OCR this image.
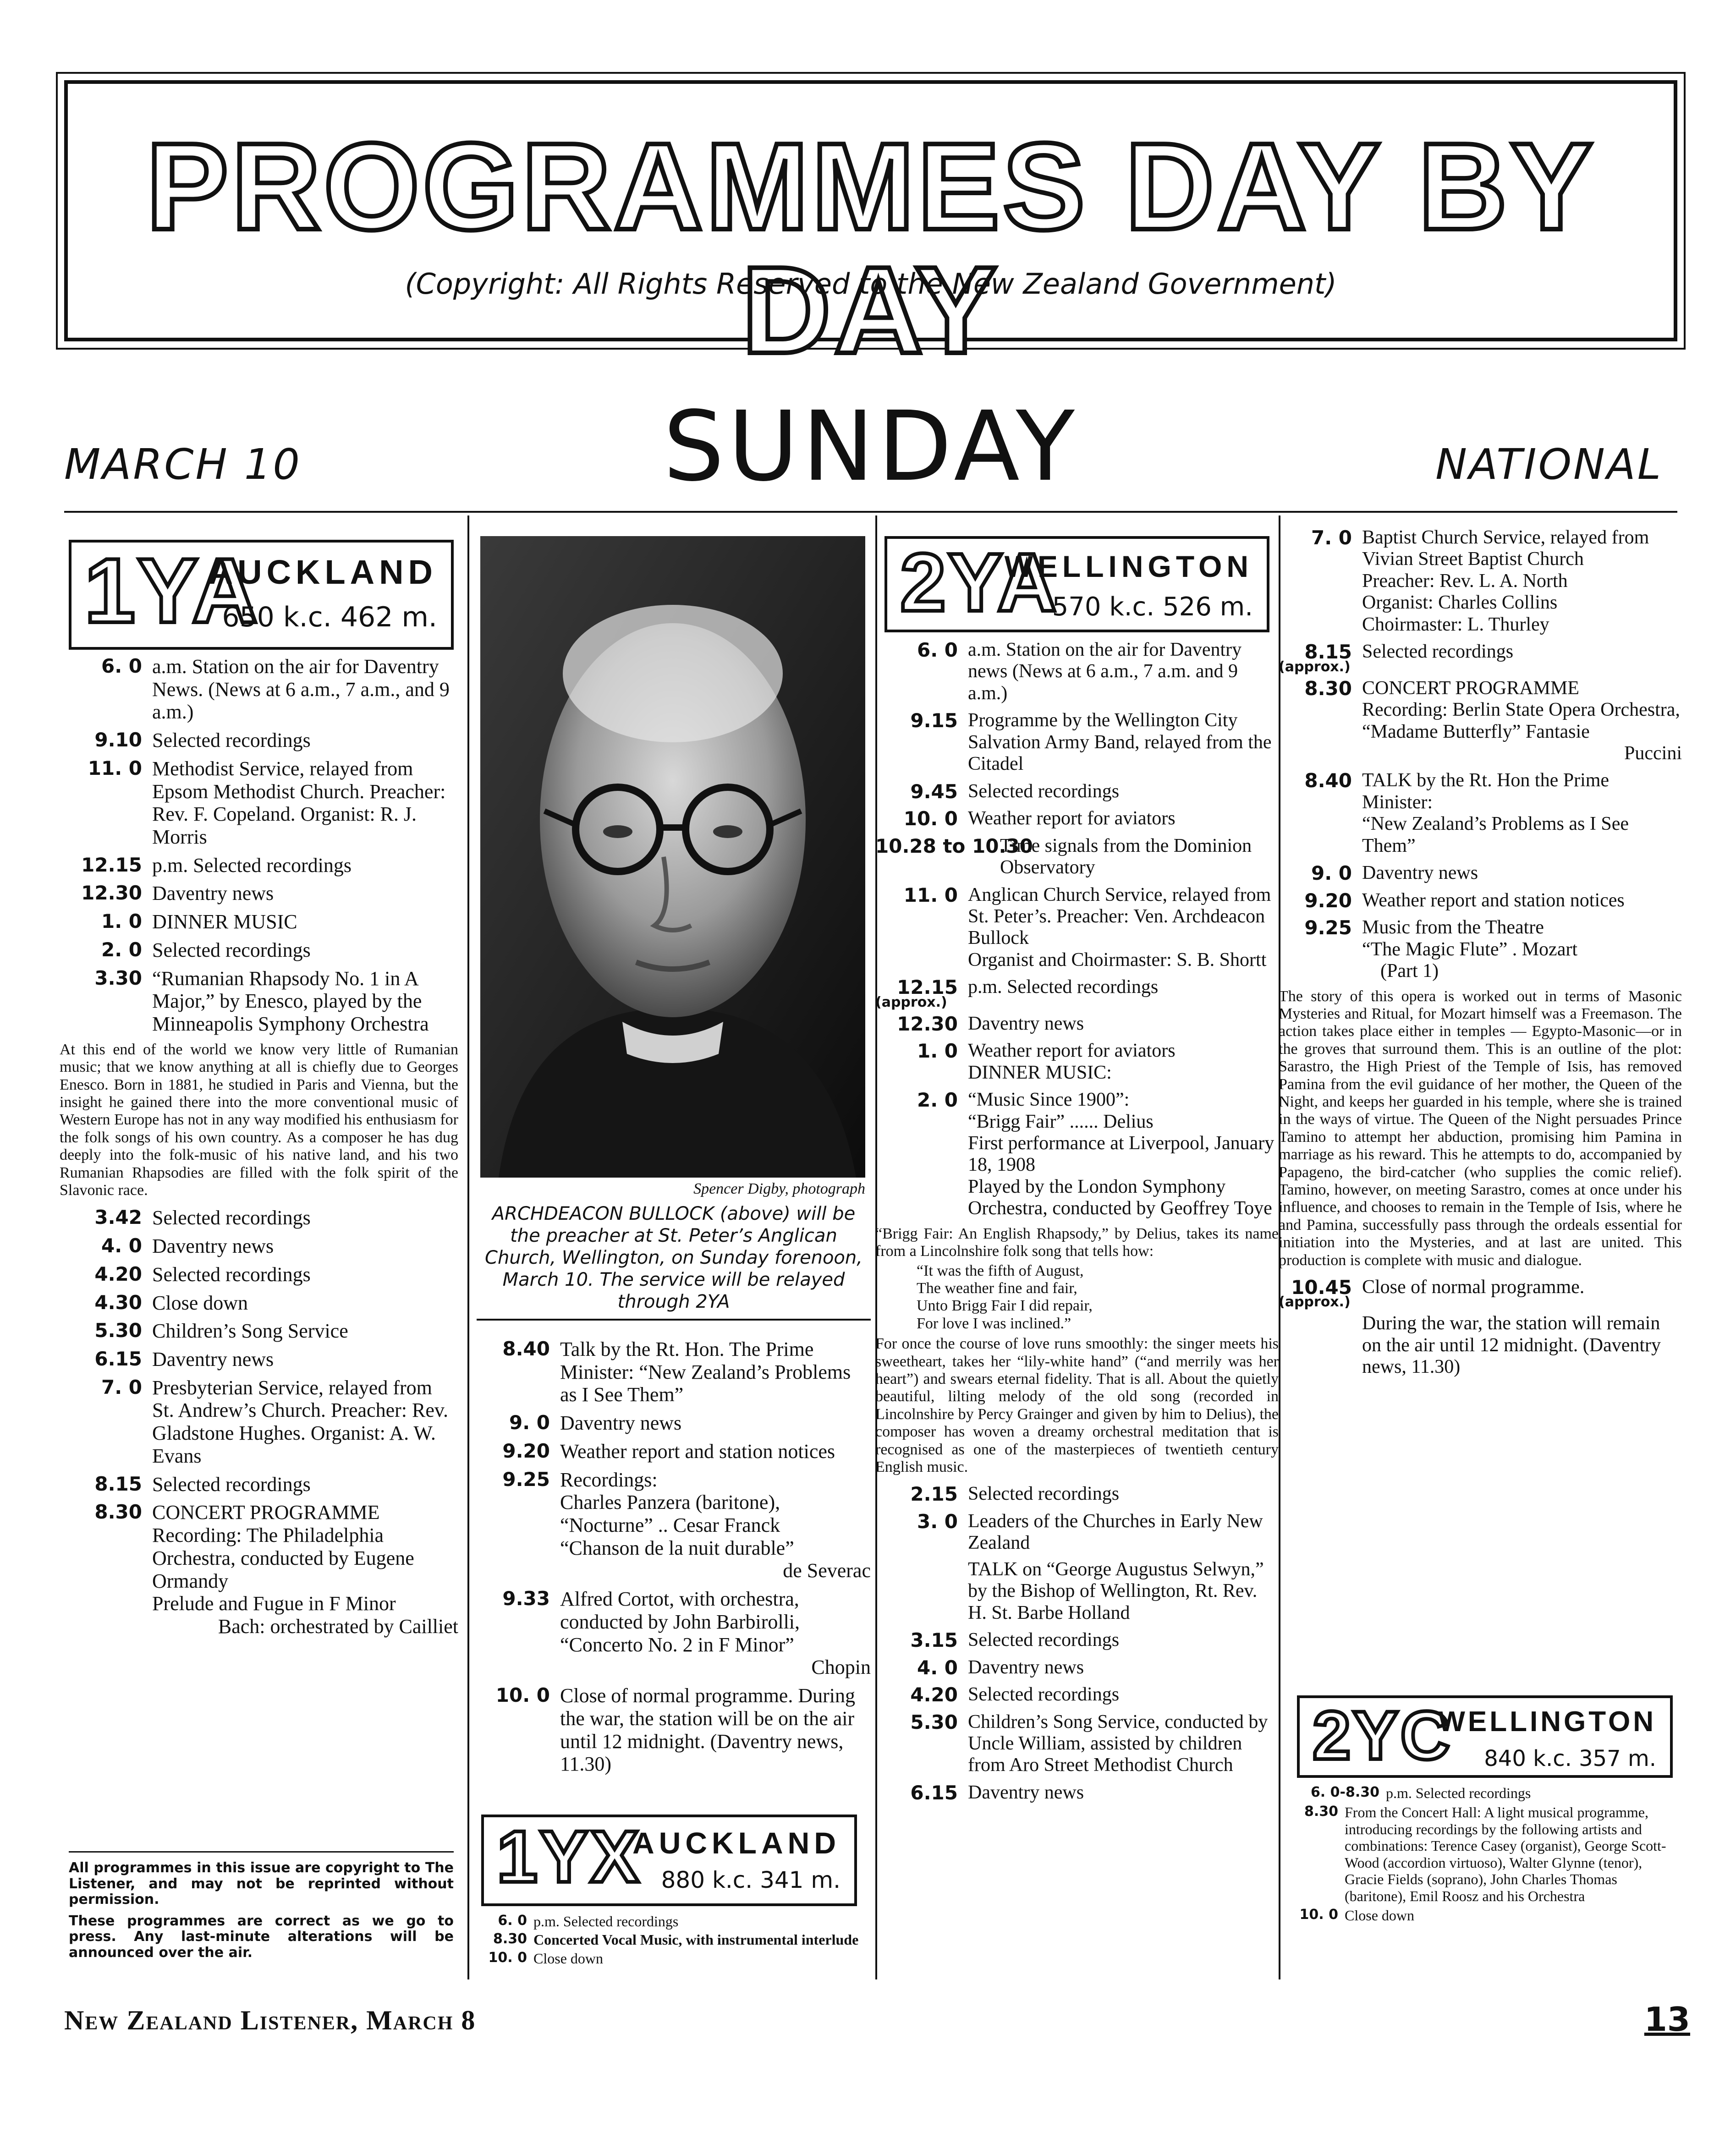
PROGRAMMES DAY BY DAY
(Copyright: All Rights Reserved to the New Zealand Government)
MARCH 10	SUNDAY	NATIONAL
1YA
AUCKLAND
650 k.c. 462 m.
6. 0 a.m. Station on the air for Daventry News. (News at 6 a.m., 7 a.m., and 9 a.m.)
9.10 Selected recordings
11. 0 Methodist Service, relayed from Epsom Methodist Church. Preacher: Rev. F. Copeland. Organist: R. J. Morris
12.15 p.m. Selected recordings
12.30 Daventry news
1. 0 DINNER MUSIC
2. 0 Selected recordings
3.30 “Rumanian Rhapsody No. 1 in A Major,” by Enesco, played by the Minneapolis Symphony Orchestra
At this end of the world we know very little of Rumanian music; that we know anything at all is chiefly due to Georges Enesco. Born in 1881, he studied in Paris and Vienna, but the insight he gained there into the more conventional music of Western Europe has not in any way modified his enthusiasm for the folk songs of his own country. As a composer he has dug deeply into the folk-music of his native land, and his two Rumanian Rhapsodies are filled with the folk spirit of the Slavonic race.
3.42 Selected recordings
4. 0 Daventry news
4.20 Selected recordings
4.30 Close down
5.30 Children’s Song Service
6.15 Daventry news
7. 0 Presbyterian Service, relayed from St. Andrew’s Church. Preacher: Rev. Gladstone Hughes. Organist: A. W. Evans
8.15 Selected recordings
8.30 CONCERT PROGRAMME
Recording: The Philadelphia Orchestra, conducted by Eugene Ormandy
Prelude and Fugue in F Minor
Bach: orchestrated by Cailliet
All programmes in this issue are copyright to The Listener, and may not be reprinted without permission.
These programmes are correct as we go to press. Any last-minute alterations will be announced over the air.
Spencer Digby, photograph
ARCHDEACON BULLOCK (above) will be the preacher at St. Peter’s Anglican Church, Wellington, on Sunday forenoon, March 10. The service will be relayed through 2YA
8.40 Talk by the Rt. Hon. The Prime Minister: “New Zealand’s Problems as I See Them”
9. 0 Daventry news
9.20 Weather report and station notices
9.25 Recordings:
Charles Panzera (baritone), “Nocturne” .. Cesar Franck
“Chanson de la nuit durable”
de Severac
9.33 Alfred Cortot, with orchestra, conducted by John Barbirolli, “Concerto No. 2 in F Minor”
Chopin
10. 0 Close of normal programme. During the war, the station will be on the air until 12 midnight. (Daventry news, 11.30)
1YX
AUCKLAND
880 k.c. 341 m.
6. 0 p.m. Selected recordings
8.30 Concerted Vocal Music, with instrumental interlude
10. 0 Close down
2YA
WELLINGTON
570 k.c. 526 m.
6. 0 a.m. Station on the air for Daventry news (News at 6 a.m., 7 a.m. and 9 a.m.)
9.15 Programme by the Wellington City Salvation Army Band, relayed from the Citadel
9.45 Selected recordings
10. 0 Weather report for aviators
10.28 to 10.30
Time signals from the Dominion Observatory
11. 0 Anglican Church Service, relayed from St. Peter’s. Preacher: Ven. Archdeacon Bullock
Organist and Choirmaster: S. B. Shortt
12.15 p.m. Selected recordings
(approx.)
12.30 Daventry news
1. 0 Weather report for aviators
DINNER MUSIC:
2. 0 “Music Since 1900”:
“Brigg Fair” ...... Delius
First performance at Liverpool, January 18, 1908
Played by the London Symphony Orchestra, conducted by Geoffrey Toye
“Brigg Fair: An English Rhapsody,” by Delius, takes its name from a Lincolnshire folk song that tells how:
“It was the fifth of August,
The weather fine and fair,
Unto Brigg Fair I did repair,
For love I was inclined.”
For once the course of love runs smoothly: the singer meets his sweetheart, takes her “lily-white hand” (“and merrily was her heart”) and swears eternal fidelity. That is all. About the quietly beautiful, lilting melody of the old song (recorded in Lincolnshire by Percy Grainger and given by him to Delius), the composer has woven a dreamy orchestral meditation that is recognised as one of the masterpieces of twentieth century English music.
2.15 Selected recordings
3. 0 Leaders of the Churches in Early New Zealand
TALK on “George Augustus Selwyn,” by the Bishop of Wellington, Rt. Rev. H. St. Barbe Holland
3.15 Selected recordings
4. 0 Daventry news
4.20 Selected recordings
5.30 Children’s Song Service, conducted by Uncle William, assisted by children from Aro Street Methodist Church
6.15 Daventry news
7. 0 Baptist Church Service, relayed from Vivian Street Baptist Church
Preacher: Rev. L. A. North
Organist: Charles Collins
Choirmaster: L. Thurley
8.15 Selected recordings
(approx.)
8.30 CONCERT PROGRAMME
Recording: Berlin State Opera Orchestra,
“Madame Butterfly” Fantasie
Puccini
8.40 TALK by the Rt. Hon the Prime Minister:
“New Zealand’s Problems as I See Them”
9. 0 Daventry news
9.20 Weather report and station notices
9.25 Music from the Theatre
“The Magic Flute” . Mozart
(Part 1)
The story of this opera is worked out in terms of Masonic Mysteries and Ritual, for Mozart himself was a Freemason. The action takes place either in temples — Egypto-Masonic—or in the groves that surround them. This is an outline of the plot: Sarastro, the High Priest of the Temple of Isis, has removed Pamina from the evil guidance of her mother, the Queen of the Night, and keeps her guarded in his temple, where she is trained in the ways of virtue. The Queen of the Night persuades Prince Tamino to attempt her abduction, promising him Pamina in marriage as his reward. This he attempts to do, accompanied by Papageno, the bird-catcher (who supplies the comic relief). Tamino, however, on meeting Sarastro, comes at once under his influence, and chooses to remain in the Temple of Isis, where he and Pamina, successfully pass through the ordeals essential for initiation into the Mysteries, and at last are united. This production is complete with music and dialogue.
10.45 Close of normal programme.
(approx.)
During the war, the station will remain on the air until 12 midnight. (Daventry news, 11.30)
2YC
WELLINGTON
840 k.c. 357 m.
6. 0-8.30 p.m. Selected recordings
8.30 From the Concert Hall: A light musical programme, introducing recordings by the following artists and combinations: Terence Casey (organist), George Scott-Wood (accordion virtuoso), Walter Glynne (tenor), Gracie Fields (soprano), John Charles Thomas (baritone), Emil Roosz and his Orchestra
10. 0 Close down
New Zealand Listener, March 8	13
